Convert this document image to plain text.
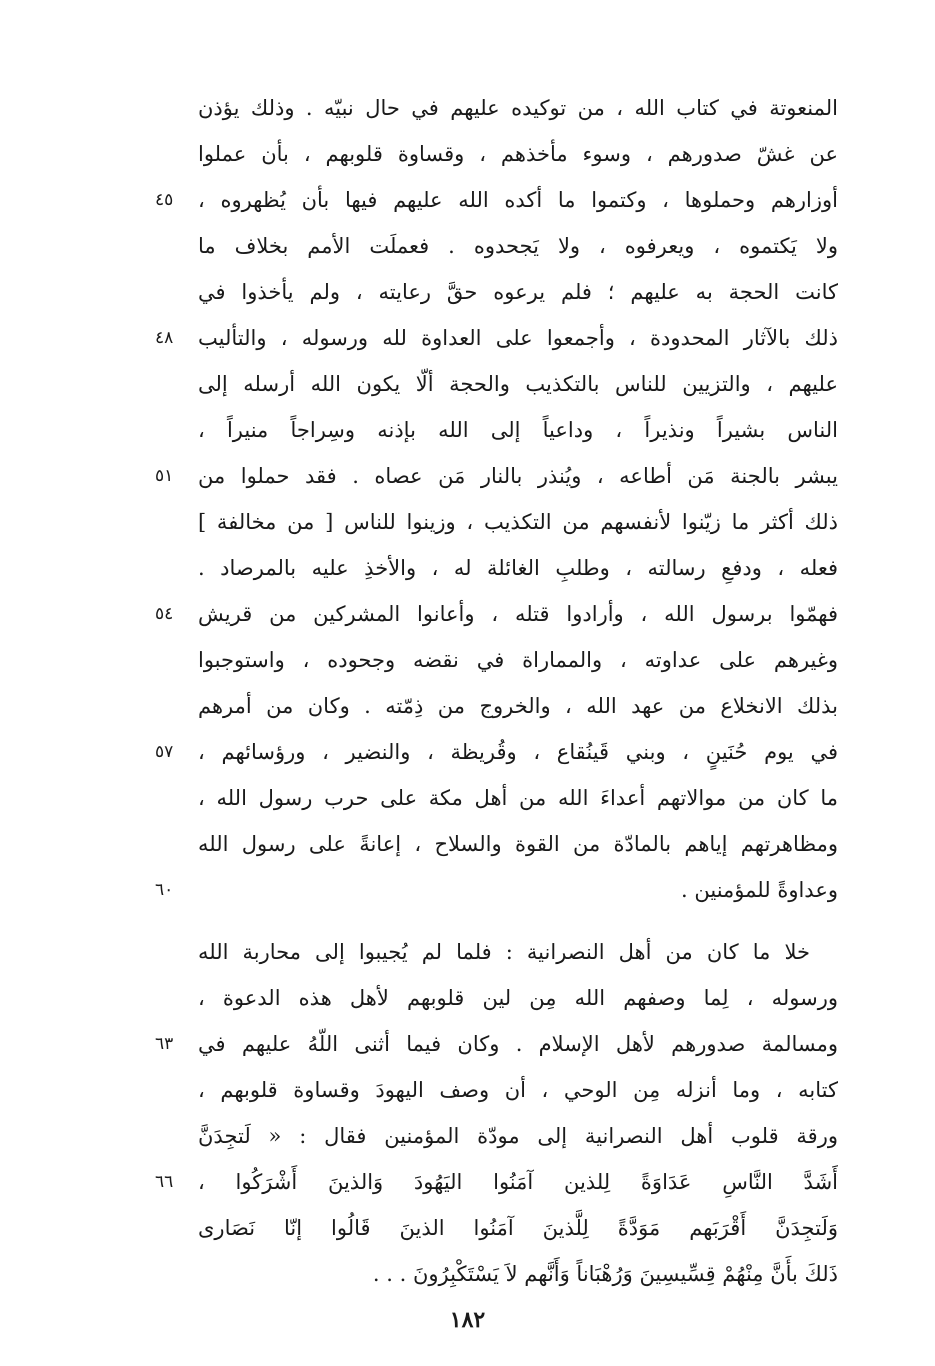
المنعوتة في كتاب الله ، من توكيده عليهم في حال نبيّه . وذلك يؤذن
عن غشّ صدورهم ، وسوء مأخذهم ، وقساوة قلوبهم ، بأن عملوا
أوزارهم وحملوها ، وكتموا ما أكده الله عليهم فيها بأن يُظهروه ،
ولا يَكتموه ، ويعرفوه ، ولا يَجحدوه . فعملَت الأمم بخلاف ما
كانت الحجة به عليهم ؛ فلم يرعوه حقَّ رعايته ، ولم يأخذوا في
ذلك بالآثار المحدودة ، وأجمعوا على العداوة لله ورسوله ، والتأليب
عليهم ، والتزيين للناس بالتكذيب والحجة ألّا يكون الله أرسله إلى
الناس بشيراً ونذيراً ، وداعياً إلى الله بإذنه وسِراجاً منيراً ،
يبشر بالجنة مَن أطاعه ، ويُنذر بالنار مَن عصاه . فقد حملوا من
ذلك أكثر ما زيّنوا لأنفسهم من التكذيب ، وزينوا للناس [ من مخالفة ]
فعله ، ودفعِ رسالته ، وطلبِ الغائلة له ، والأخذِ عليه بالمرصاد .
فهمّوا برسول الله ، وأرادوا قتله ، وأعانوا المشركين من قريش
وغيرهم على عداوته ، والمماراة في نقضه وجحوده ، واستوجبوا
بذلك الانخلاع من عهد الله ، والخروج من ذِمّته . وكان من أمرهم
في يوم حُنَينٍ ، وبني قَينُقاع ، وقُريظة ، والنضير ، ورؤسائهم ،
ما كان من موالاتهم أعداءَ الله من أهل مكة على حرب رسول الله ،
ومظاهرتهم إياهم بالمادّة من القوة والسلاح ، إعانةً على رسول الله
وعداوةً للمؤمنين .
خلا ما كان من أهل النصرانية : فلما لم يُجيبوا إلى محاربة الله
ورسوله ، لِما وصفهم الله مِن لين قلوبهم لأهل هذه الدعوة ،
ومسالمة صدورهم لأهل الإسلام . وكان فيما أثنى اللّهُ عليهم في
كتابه ، وما أنزله مِن الوحي ، أن وصف اليهودَ وقساوة قلوبهم ،
ورقة قلوب أهل النصرانية إلى مودّة المؤمنين فقال : « لَتجِدَنَّ
أَشَدَّ النَّاسِ عَدَاوَةً لِلذين آمَنُوا اليَهُودَ وَالذينَ أَشْرَكُوا ،
وَلَتجِدَنَّ أَقْرَبَهم مَوَدَّةً لِلَّذينَ آمَنُوا الذينَ قَالُوا إنّا نَصَارى
ذَلكَ بأَنَّ مِنْهُمْ قِسِّيسِينَ وَرُهْبَاناً وَأَنَّهم لاَ يَسْتَكْبِرُونَ . . .
٤٥
٤٨
٥١
٥٤
٥٧
٦٠
٦٣
٦٦
١٨٢
